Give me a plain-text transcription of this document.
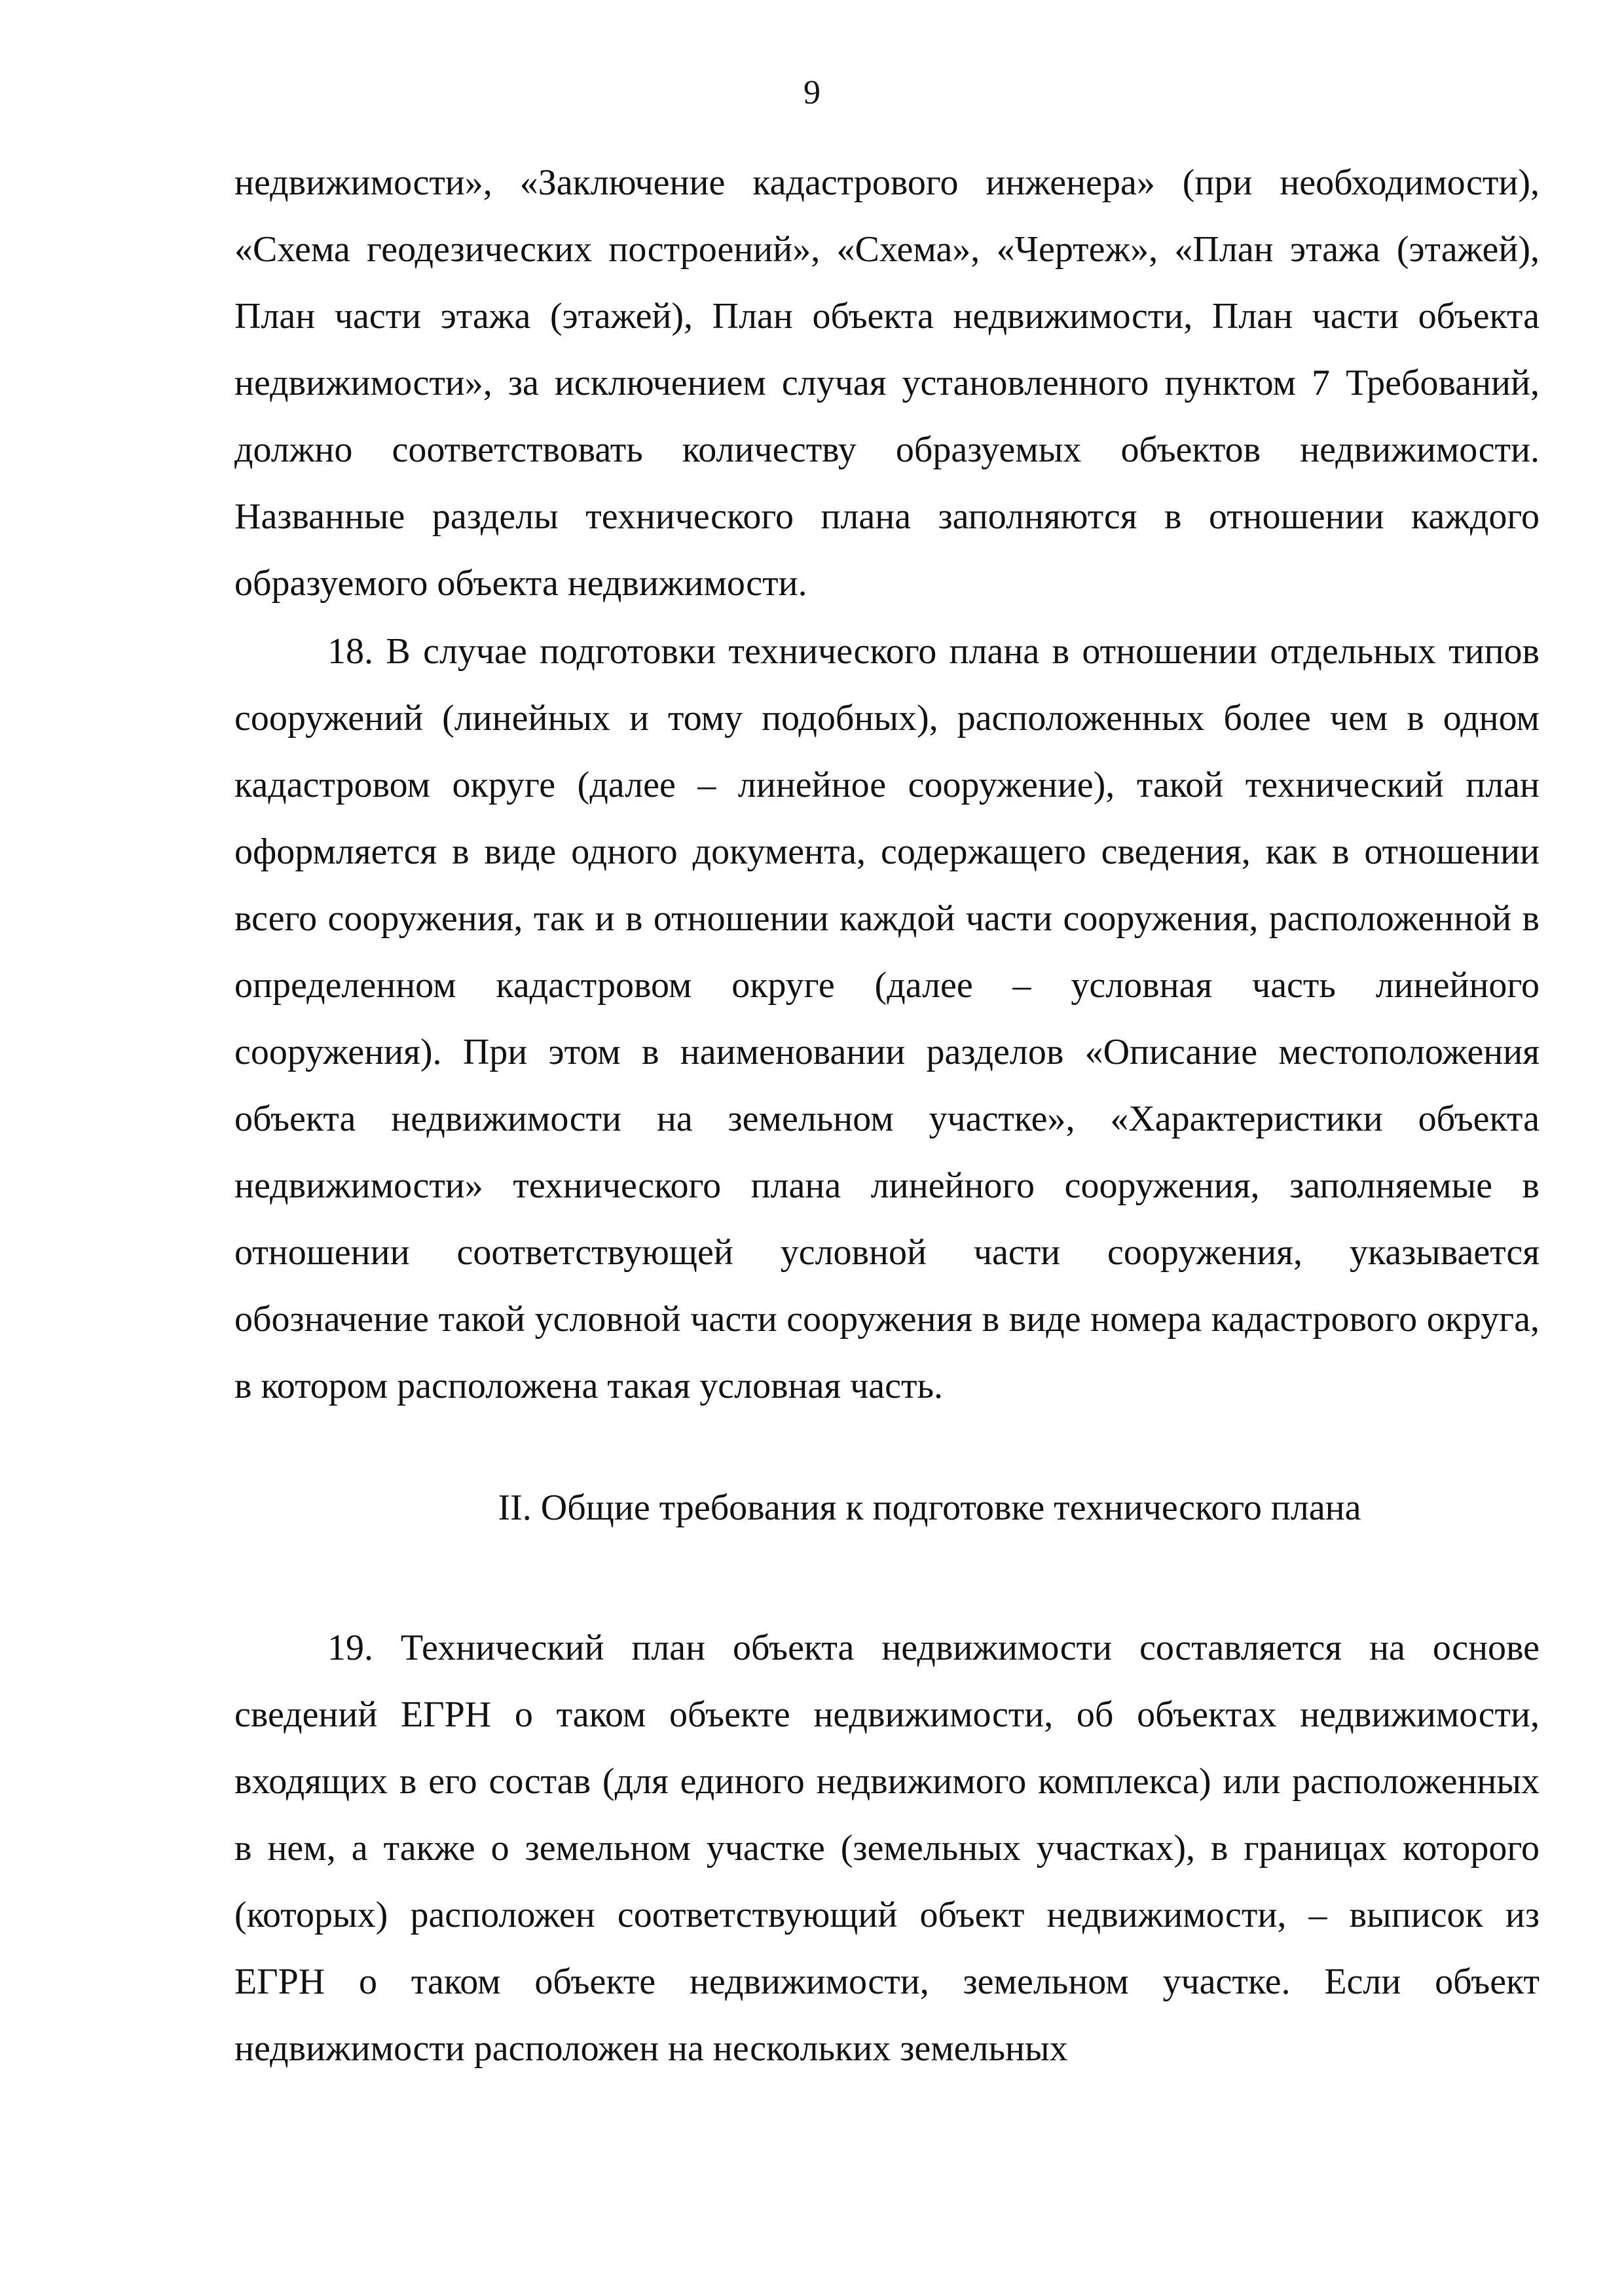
9

недвижимости», «Заключение кадастрового инженера» (при необходимости), «Схема геодезических построений», «Схема», «Чертеж», «План этажа (этажей), План части этажа (этажей), План объекта недвижимости, План части объекта недвижимости», за исключением случая установленного пунктом 7 Требований, должно соответствовать количеству образуемых объектов недвижимости. Названные разделы технического плана заполняются в отношении каждого образуемого объекта недвижимости.

18. В случае подготовки технического плана в отношении отдельных типов сооружений (линейных и тому подобных), расположенных более чем в одном кадастровом округе (далее – линейное сооружение), такой технический план оформляется в виде одного документа, содержащего сведения, как в отношении всего сооружения, так и в отношении каждой части сооружения, расположенной в определенном кадастровом округе (далее – условная часть линейного сооружения). При этом в наименовании разделов «Описание местоположения объекта недвижимости на земельном участке», «Характеристики объекта недвижимости» технического плана линейного сооружения, заполняемые в отношении соответствующей условной части сооружения, указывается обозначение такой условной части сооружения в виде номера кадастрового округа, в котором расположена такая условная часть.

II. Общие требования к подготовке технического плана

19. Технический план объекта недвижимости составляется на основе сведений ЕГРН о таком объекте недвижимости, об объектах недвижимости, входящих в его состав (для единого недвижимого комплекса) или расположенных в нем, а также о земельном участке (земельных участках), в границах которого (которых) расположен соответствующий объект недвижимости, – выписок из ЕГРН о таком объекте недвижимости, земельном участке. Если объект недвижимости расположен на нескольких земельных
